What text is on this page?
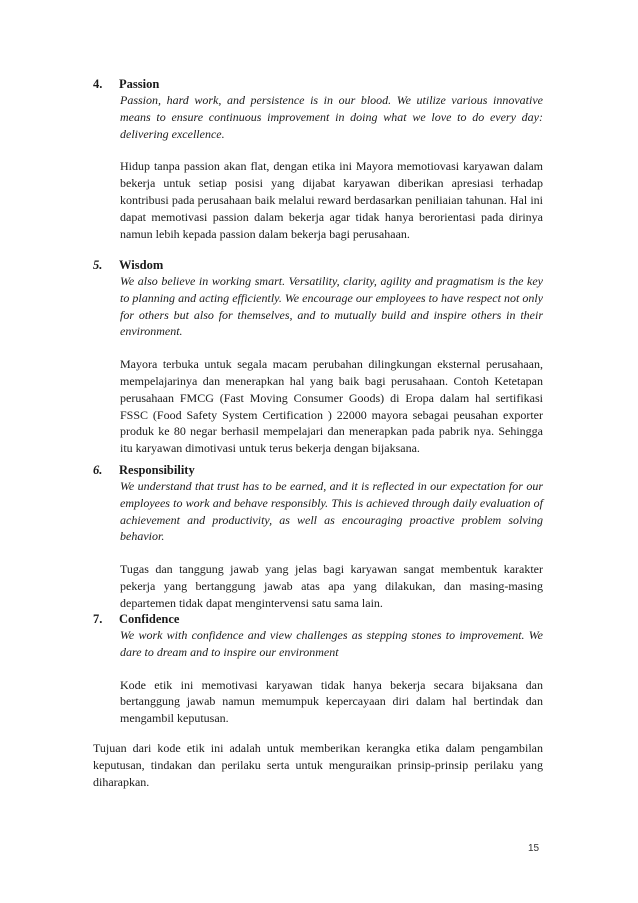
4. Passion

Passion, hard work, and persistence is in our blood. We utilize various innovative means to ensure continuous improvement in doing what we love to do every day: delivering excellence.

Hidup tanpa passion akan flat, dengan etika ini Mayora memotiovasi karyawan dalam bekerja untuk setiap posisi yang dijabat karyawan diberikan apresiasi terhadap kontribusi pada perusahaan baik melalui reward berdasarkan peniliaian tahunan. Hal ini dapat memotivasi passion dalam bekerja agar tidak hanya berorientasi pada dirinya namun lebih kepada passion dalam bekerja bagi perusahaan.

5. Wisdom

We also believe in working smart. Versatility, clarity, agility and pragmatism is the key to planning and acting efficiently. We encourage our employees to have respect not only for others but also for themselves, and to mutually build and inspire others in their environment.

Mayora terbuka untuk segala macam perubahan dilingkungan eksternal perusahaan, mempelajarinya dan menerapkan hal yang baik bagi perusahaan. Contoh Ketetapan perusahaan FMCG (Fast Moving Consumer Goods) di Eropa dalam hal sertifikasi FSSC (Food Safety System Certification ) 22000 mayora sebagai peusahan exporter produk ke 80 negar berhasil mempelajari dan menerapkan pada pabrik nya. Sehingga itu karyawan dimotivasi untuk terus bekerja dengan bijaksana.

6. Responsibility

We understand that trust has to be earned, and it is reflected in our expectation for our employees to work and behave responsibly. This is achieved through daily evaluation of achievement and productivity, as well as encouraging proactive problem solving behavior.

Tugas dan tanggung jawab yang jelas bagi karyawan sangat membentuk karakter pekerja yang bertanggung jawab atas apa yang dilakukan, dan masing-masing departemen tidak dapat mengintervensi satu sama lain.

7. Confidence

We work with confidence and view challenges as stepping stones to improvement. We dare to dream and to inspire our environment

Kode etik ini memotivasi karyawan tidak hanya bekerja secara bijaksana dan bertanggung jawab namun memumpuk kepercayaan diri dalam hal bertindak dan mengambil keputusan.

Tujuan dari kode etik ini adalah untuk memberikan kerangka etika dalam pengambilan keputusan, tindakan dan perilaku serta untuk menguraikan prinsip-prinsip perilaku yang diharapkan.

15
